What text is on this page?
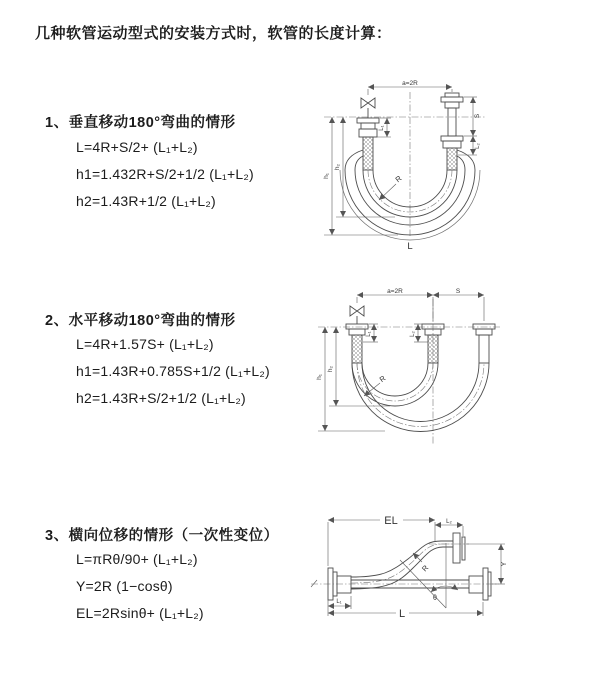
几种软管运动型式的安装方式时，软管的长度计算：
1、垂直移动180°弯曲的情形
L=4R+S/2+ (L₁+L₂)
h1=1.432R+S/2+1/2 (L₁+L₂)
h2=1.43R+1/2 (L₁+L₂)
a=2R
L₁
S
L₂
h₁
h₂
R
L
2、水平移动180°弯曲的情形
L=4R+1.57S+ (L₁+L₂)
h1=1.43R+0.785S+1/2 (L₁+L₂)
h2=1.43R+S/2+1/2 (L₁+L₂)
a=2R	S
L₁	L₂
h₁
h₂
R
3、横向位移的情形（一次性变位）
L=πRθ/90+ (L₁+L₂)
Y=2R (1−cosθ)
EL=2Rsinθ+ (L₁+L₂)
EL	L₂
Y
R
θ
L
L₁
